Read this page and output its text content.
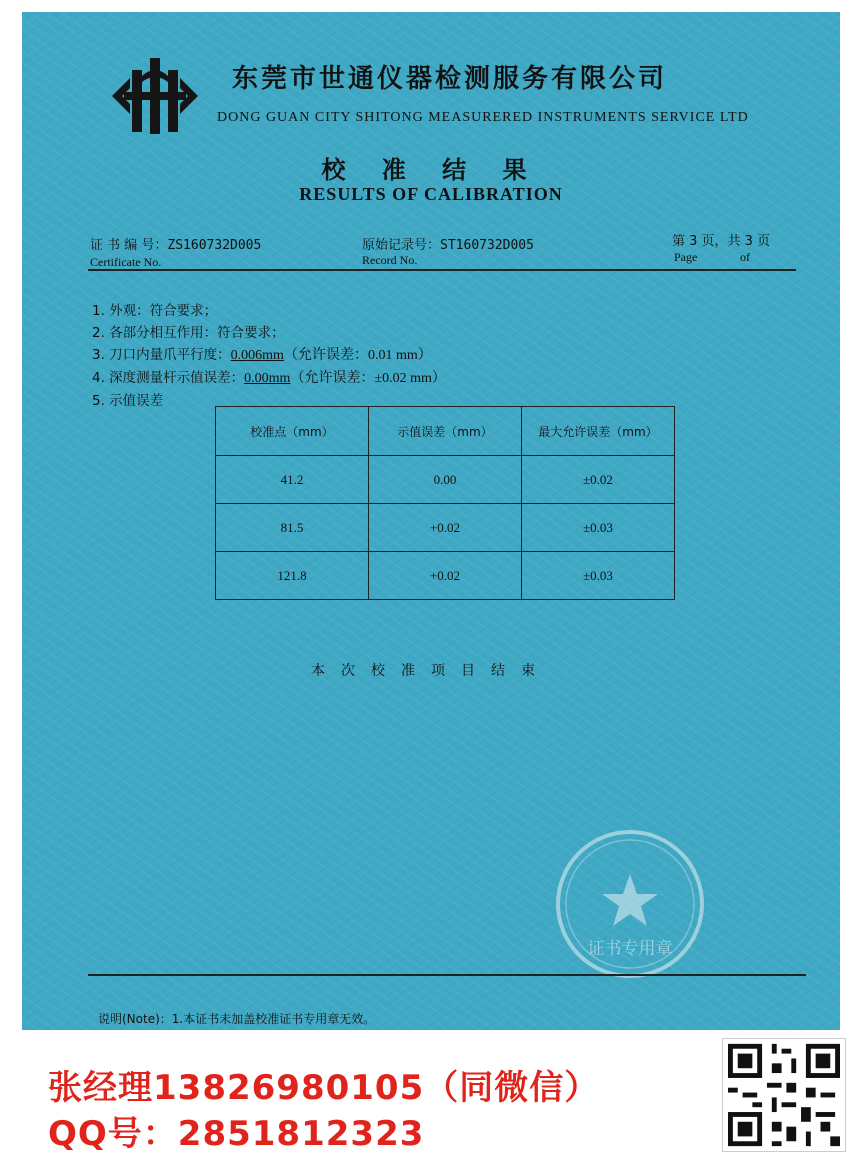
东莞市世通仪器检测服务有限公司
DONG GUAN CITY SHITONG MEASURERED INSTRUMENTS SERVICE LTD
校 准 结 果
RESULTS OF CALIBRATION
证 书 编 号：ZS160732D005
Certificate No.
原始记录号：ST160732D005
Record No.
第 3 页，共 3 页
Page	of
1. 外观：符合要求；
2. 各部分相互作用：符合要求；
3. 刀口内量爪平行度：0.006mm（允许误差：0.01 mm）
4. 深度测量杆示值误差：0.00mm（允许误差：±0.02 mm）
5. 示值误差
校准点（mm）	示值误差（mm）	最大允许误差（mm）
41.2	0.00	±0.02
81.5	+0.02	±0.03
121.8	+0.02	±0.03
本次校准项目结束
证书专用章
说明(Note)：1.本证书未加盖校准证书专用章无效。
张经理13826980105（同微信）
QQ号：2851812323
